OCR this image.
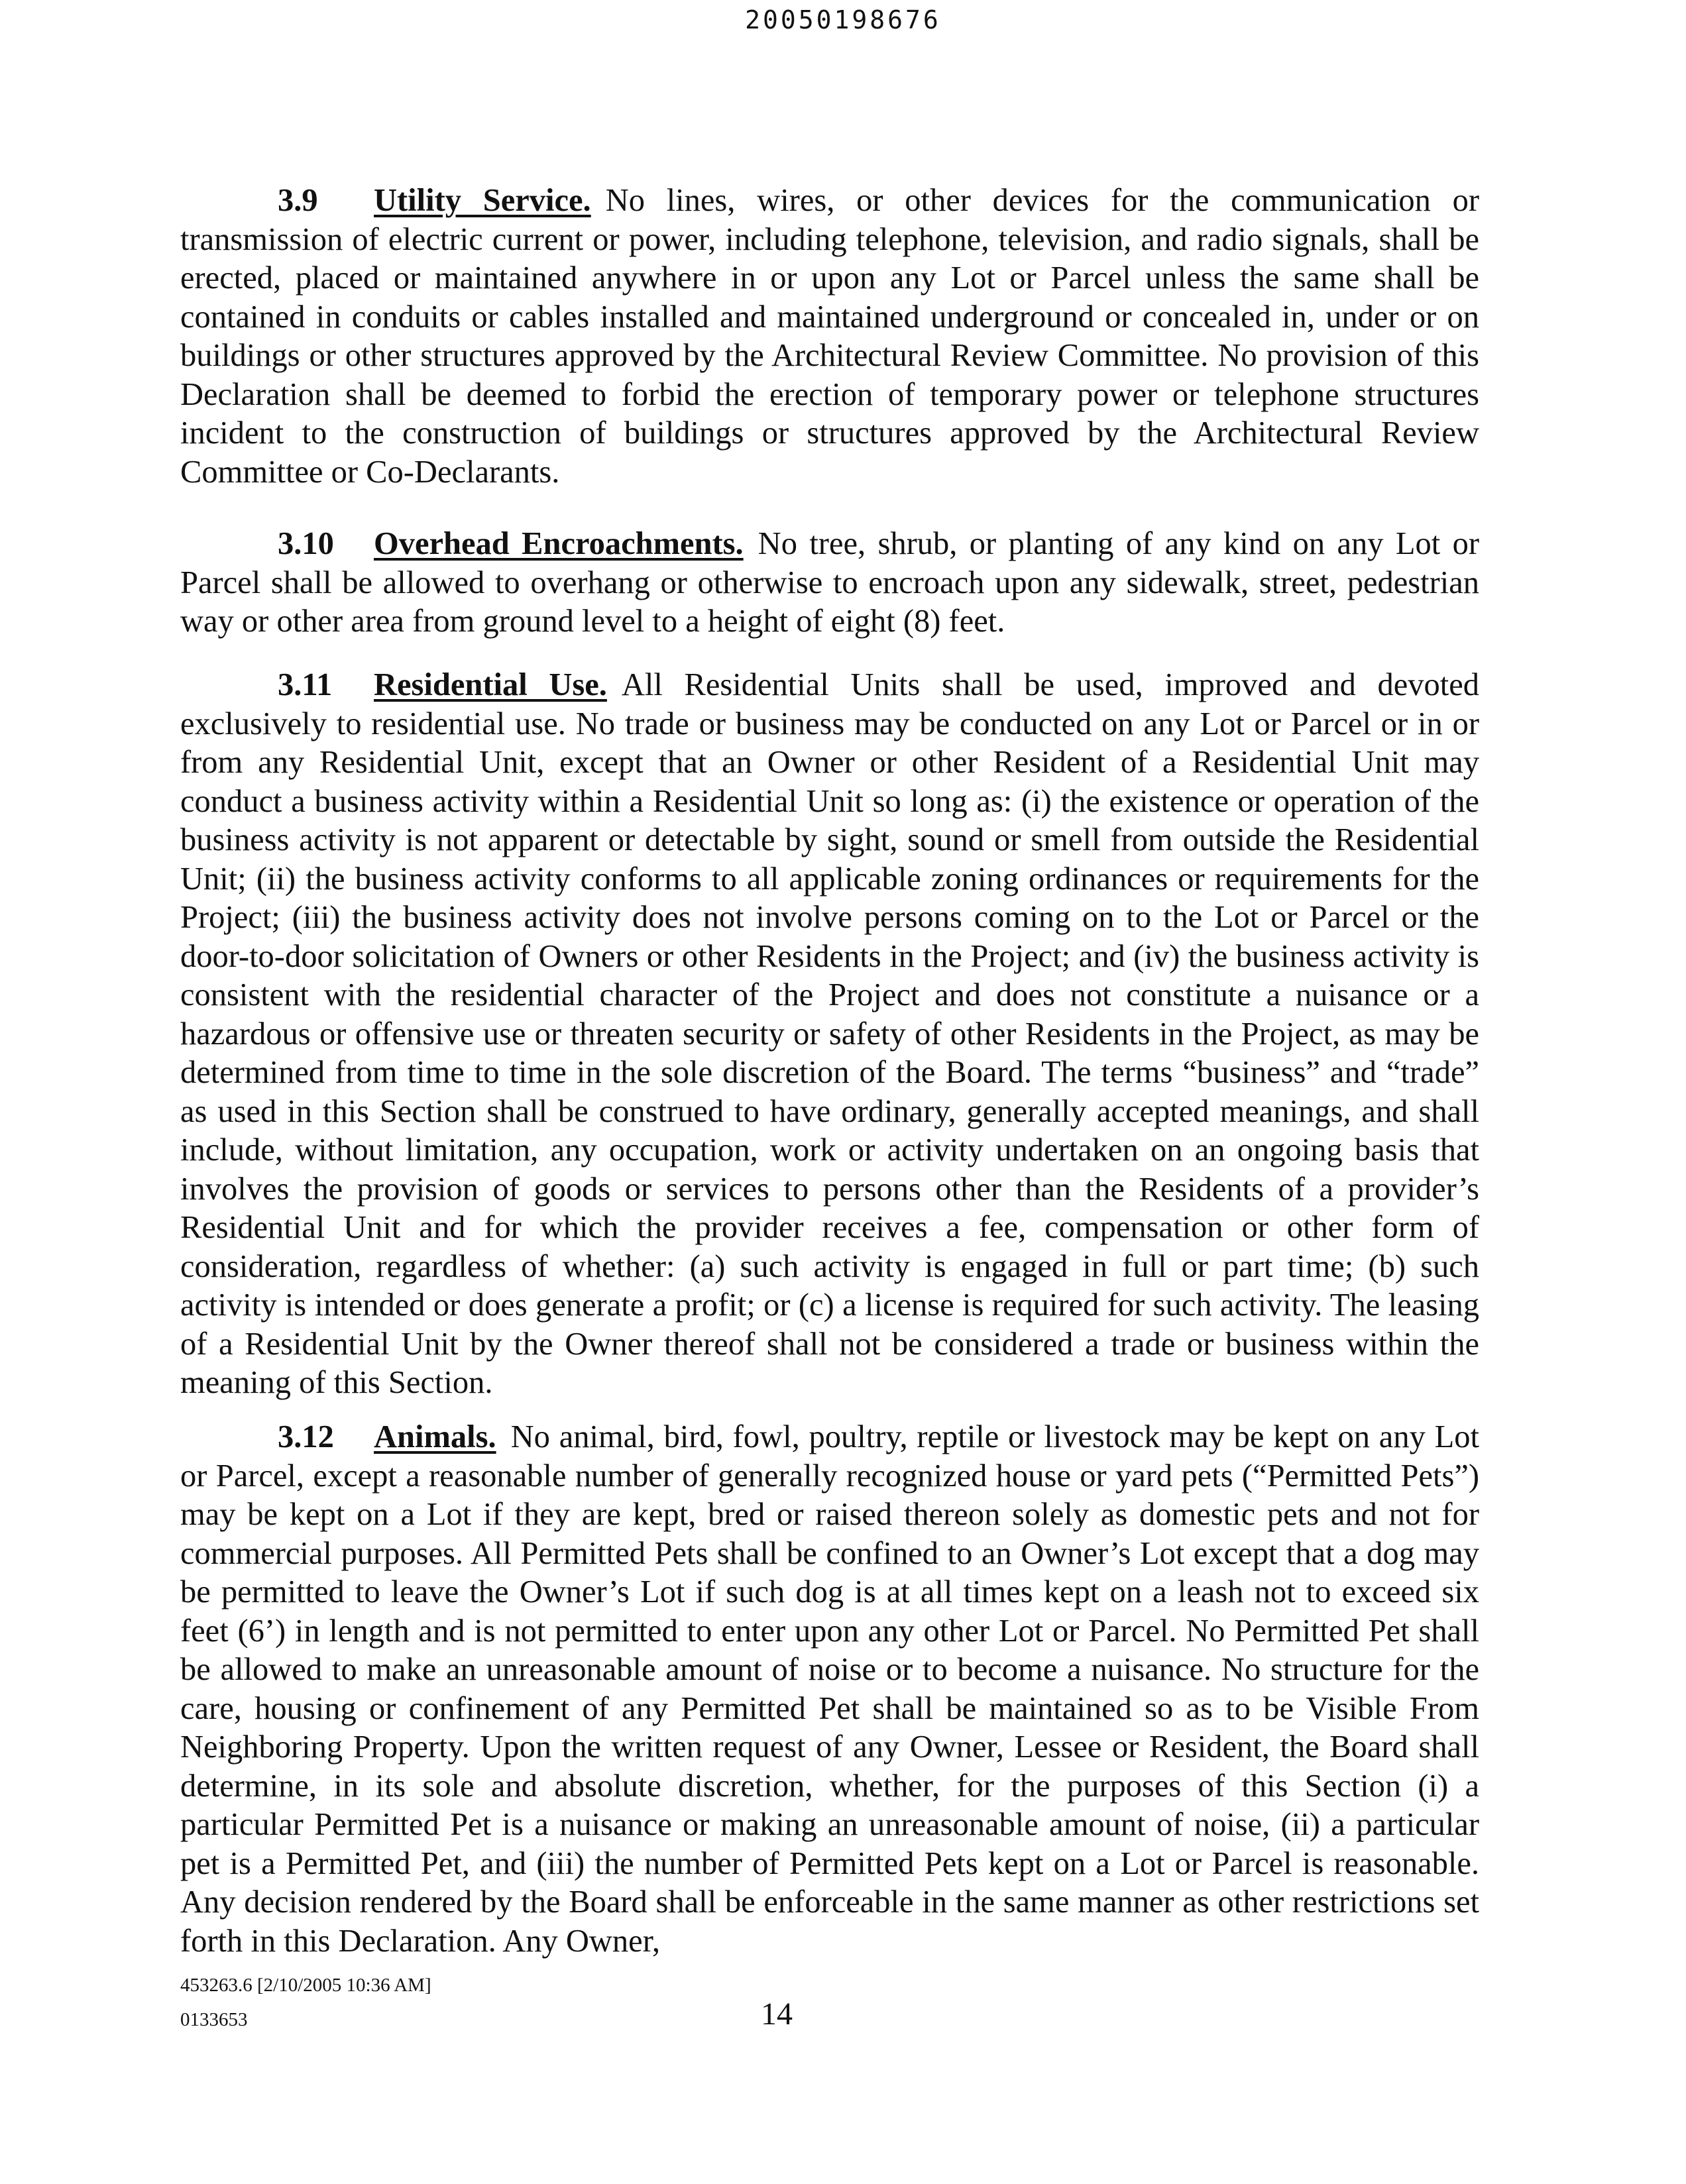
20050198676

3.9 Utility Service. No lines, wires, or other devices for the communication or transmission of electric current or power, including telephone, television, and radio signals, shall be erected, placed or maintained anywhere in or upon any Lot or Parcel unless the same shall be contained in conduits or cables installed and maintained underground or concealed in, under or on buildings or other structures approved by the Architectural Review Committee. No provision of this Declaration shall be deemed to forbid the erection of temporary power or telephone structures incident to the construction of buildings or structures approved by the Architectural Review Committee or Co-Declarants.

3.10 Overhead Encroachments. No tree, shrub, or planting of any kind on any Lot or Parcel shall be allowed to overhang or otherwise to encroach upon any sidewalk, street, pedestrian way or other area from ground level to a height of eight (8) feet.

3.11 Residential Use. All Residential Units shall be used, improved and devoted exclusively to residential use. No trade or business may be conducted on any Lot or Parcel or in or from any Residential Unit, except that an Owner or other Resident of a Residential Unit may conduct a business activity within a Residential Unit so long as: (i) the existence or operation of the business activity is not apparent or detectable by sight, sound or smell from outside the Residential Unit; (ii) the business activity conforms to all applicable zoning ordinances or requirements for the Project; (iii) the business activity does not involve persons coming on to the Lot or Parcel or the door-to-door solicitation of Owners or other Residents in the Project; and (iv) the business activity is consistent with the residential character of the Project and does not constitute a nuisance or a hazardous or offensive use or threaten security or safety of other Residents in the Project, as may be determined from time to time in the sole discretion of the Board. The terms “business” and “trade” as used in this Section shall be construed to have ordinary, generally accepted meanings, and shall include, without limitation, any occupation, work or activity undertaken on an ongoing basis that involves the provision of goods or services to persons other than the Residents of a provider’s Residential Unit and for which the provider receives a fee, compensation or other form of consideration, regardless of whether: (a) such activity is engaged in full or part time; (b) such activity is intended or does generate a profit; or (c) a license is required for such activity. The leasing of a Residential Unit by the Owner thereof shall not be considered a trade or business within the meaning of this Section.

3.12 Animals. No animal, bird, fowl, poultry, reptile or livestock may be kept on any Lot or Parcel, except a reasonable number of generally recognized house or yard pets (“Permitted Pets”) may be kept on a Lot if they are kept, bred or raised thereon solely as domestic pets and not for commercial purposes. All Permitted Pets shall be confined to an Owner’s Lot except that a dog may be permitted to leave the Owner’s Lot if such dog is at all times kept on a leash not to exceed six feet (6’) in length and is not permitted to enter upon any other Lot or Parcel. No Permitted Pet shall be allowed to make an unreasonable amount of noise or to become a nuisance. No structure for the care, housing or confinement of any Permitted Pet shall be maintained so as to be Visible From Neighboring Property. Upon the written request of any Owner, Lessee or Resident, the Board shall determine, in its sole and absolute discretion, whether, for the purposes of this Section (i) a particular Permitted Pet is a nuisance or making an unreasonable amount of noise, (ii) a particular pet is a Permitted Pet, and (iii) the number of Permitted Pets kept on a Lot or Parcel is reasonable. Any decision rendered by the Board shall be enforceable in the same manner as other restrictions set forth in this Declaration. Any Owner,

453263.6 [2/10/2005 10:36 AM]
0133653	14
